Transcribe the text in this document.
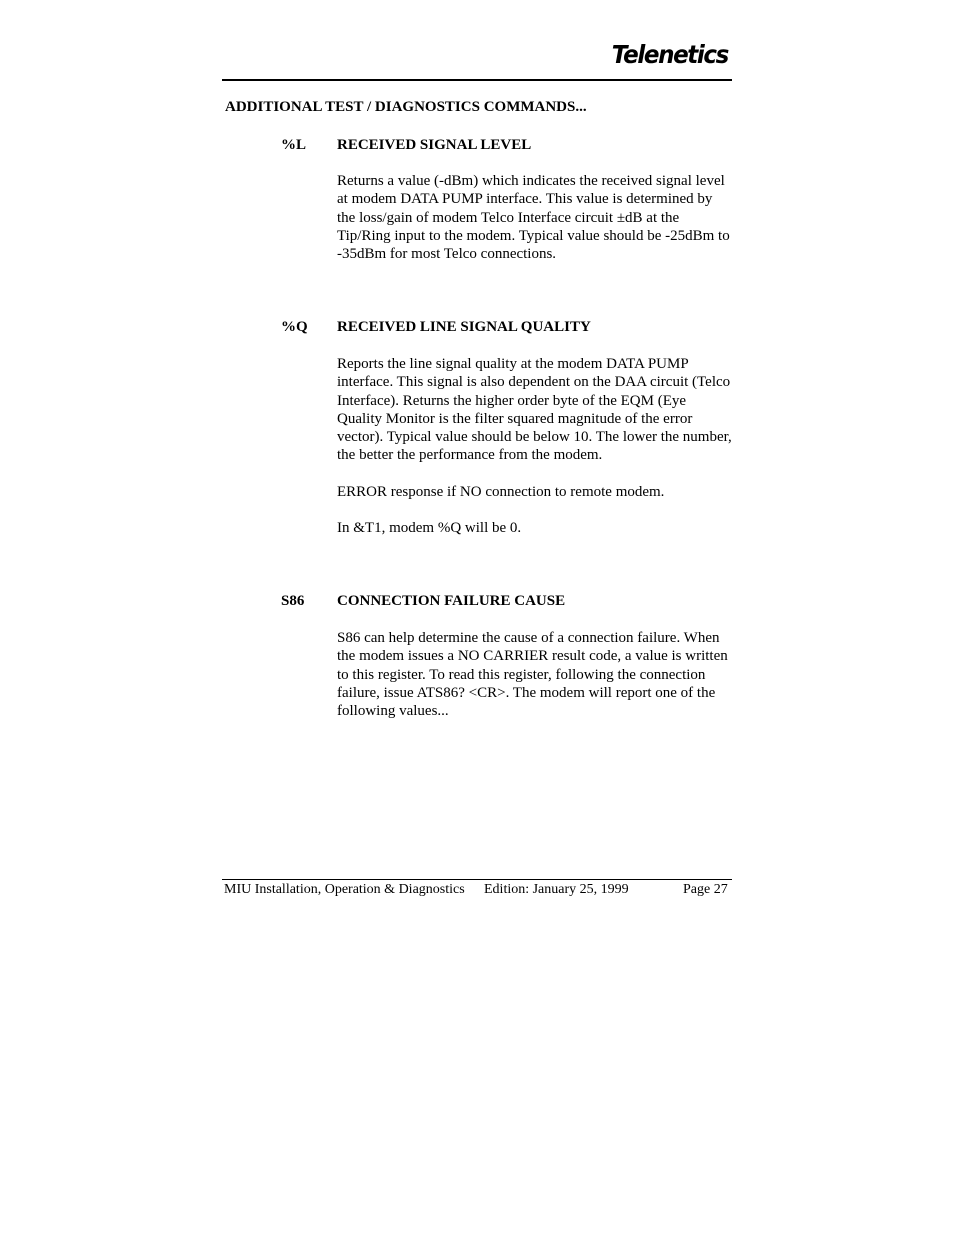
Telenetics
ADDITIONAL TEST / DIAGNOSTICS COMMANDS...
%L RECEIVED SIGNAL LEVEL

Returns a value (-dBm) which indicates the received signal level at modem DATA PUMP interface. This value is determined by the loss/gain of modem Telco Interface circuit ±dB at the Tip/Ring input to the modem. Typical value should be -25dBm to -35dBm for most Telco connections.

%Q RECEIVED LINE SIGNAL QUALITY

Reports the line signal quality at the modem DATA PUMP interface. This signal is also dependent on the DAA circuit (Telco Interface). Returns the higher order byte of the EQM (Eye Quality Monitor is the filter squared magnitude of the error vector). Typical value should be below 10. The lower the number, the better the performance from the modem.

ERROR response if NO connection to remote modem.

In &T1, modem %Q will be 0.

S86 CONNECTION FAILURE CAUSE

S86 can help determine the cause of a connection failure. When the modem issues a NO CARRIER result code, a value is written to this register. To read this register, following the connection failure, issue ATS86? <CR>. The modem will report one of the following values...

MIU Installation, Operation & Diagnostics Edition: January 25, 1999	Page 27
